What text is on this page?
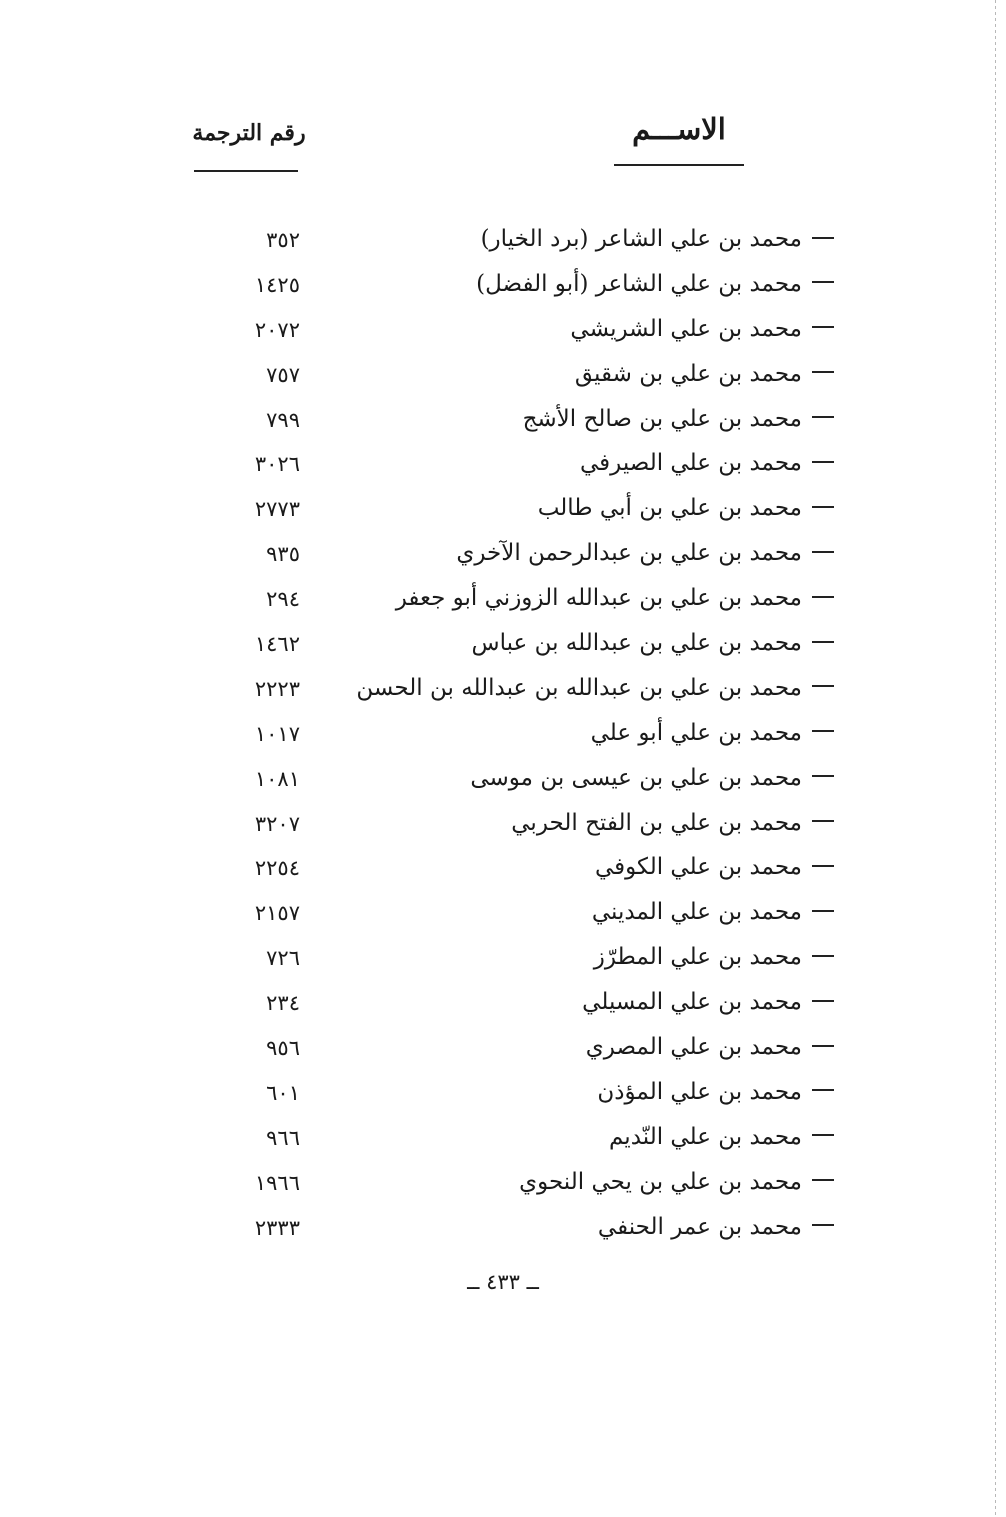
الاســـم
رقم الترجمة
محمد بن علي الشاعر (برد الخيار)
٣٥٢
محمد بن علي الشاعر (أبو الفضل)
١٤٢٥
محمد بن علي الشريشي
٢٠٧٢
محمد بن علي بن شقيق
٧٥٧
محمد بن علي بن صالح الأشج
٧٩٩
محمد بن علي الصيرفي
٣٠٢٦
محمد بن علي بن أبي طالب
٢٧٧٣
محمد بن علي بن عبدالرحمن الآخري
٩٣٥
محمد بن علي بن عبدالله الزوزني أبو جعفر
٢٩٤
محمد بن علي بن عبدالله بن عباس
١٤٦٢
محمد بن علي بن عبدالله بن عبدالله بن الحسن
٢٢٢٣
محمد بن علي أبو علي
١٠١٧
محمد بن علي بن عيسى بن موسى
١٠٨١
محمد بن علي بن الفتح الحربي
٣٢٠٧
محمد بن علي الكوفي
٢٢٥٤
محمد بن علي المديني
٢١٥٧
محمد بن علي المطرّز
٧٢٦
محمد بن علي المسيلي
٢٣٤
محمد بن علي المصري
٩٥٦
محمد بن علي المؤذن
٦٠١
محمد بن علي النّديم
٩٦٦
محمد بن علي بن يحي النحوي
١٩٦٦
محمد بن عمر الحنفي
٢٣٣٣
ــ ٤٣٣ ــ
